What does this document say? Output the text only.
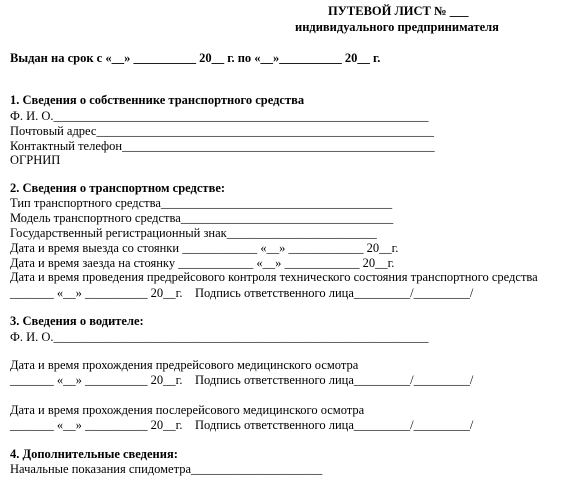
ПУТЕВОЙ ЛИСТ № ___
индивидуального предпринимателя
Выдан на срок с «__» __________ 20__ г. по «__»__________ 20__ г.
1. Сведения о собственнике транспортного средства
Ф. И. О.____________________________________________________________
Почтовый адрес______________________________________________________
Контактный телефон__________________________________________________
ОГРНИП
2. Сведения о транспортном средстве:
Тип транспортного средства_____________________________________
Модель транспортного средства__________________________________
Государственный регистрационный знак________________________
Дата и время выезда со стоянки ____________ «__» ____________ 20__г.
Дата и время заезда на стоянку ____________ «__» ____________ 20__г.
Дата и время проведения предрейсового контроля технического состояния транспортного средства
_______ «__» __________ 20__г.    Подпись ответственного лица_________/_________/
3. Сведения о водителе:
Ф. И. О.____________________________________________________________
Дата и время прохождения предрейсового медицинского осмотра
_______ «__» __________ 20__г.    Подпись ответственного лица_________/_________/
Дата и время прохождения послерейсового медицинского осмотра
_______ «__» __________ 20__г.    Подпись ответственного лица_________/_________/
4. Дополнительные сведения:
Начальные показания спидометра_____________________
